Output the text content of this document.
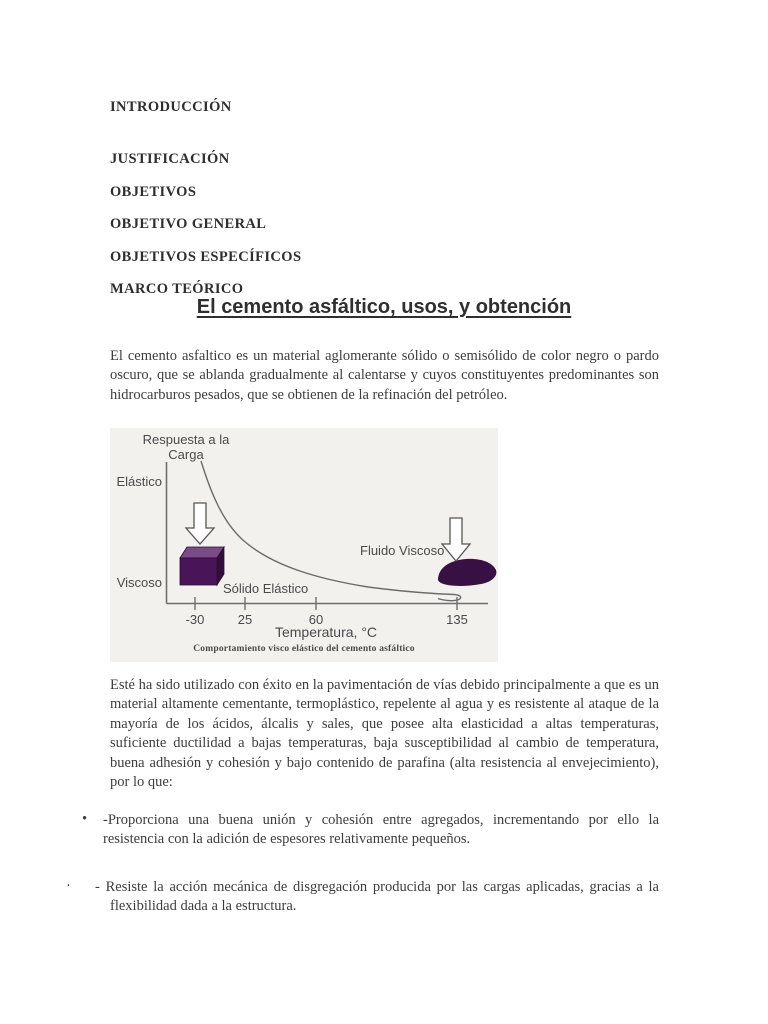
INTRODUCCIÓN
JUSTIFICACIÓN
OBJETIVOS
OBJETIVO GENERAL
OBJETIVOS ESPECÍFICOS
MARCO TEÓRICO
El cemento asfáltico, usos, y obtención
El cemento asfaltico es un material aglomerante sólido o semisólido de color negro o pardo oscuro, que se ablanda gradualmente al calentarse y cuyos constituyentes predominantes son hidrocarburos pesados, que se obtienen de la refinación del petróleo.
Respuesta a la Carga
Elástico
Viscoso	Sólido Elástico
Fluido Viscoso
-30	25	60	135
Temperatura, °C
Comportamiento visco elástico del cemento asfáltico
Esté ha sido utilizado con éxito en la pavimentación de vías debido principalmente a que es un material altamente cementante, termoplástico, repelente al agua y es resistente al ataque de la mayoría de los ácidos, álcalis y sales, que posee alta elasticidad a altas temperaturas, suficiente ductilidad a bajas temperaturas, baja susceptibilidad al cambio de temperatura, buena adhesión y cohesión y bajo contenido de parafina (alta resistencia al envejecimiento), por lo que:
• -Proporciona una buena unión y cohesión entre agregados, incrementando por ello la resistencia con la adición de espesores relativamente pequeños.
· - Resiste la acción mecánica de disgregación producida por las cargas aplicadas, gracias a la flexibilidad dada a la estructura.
